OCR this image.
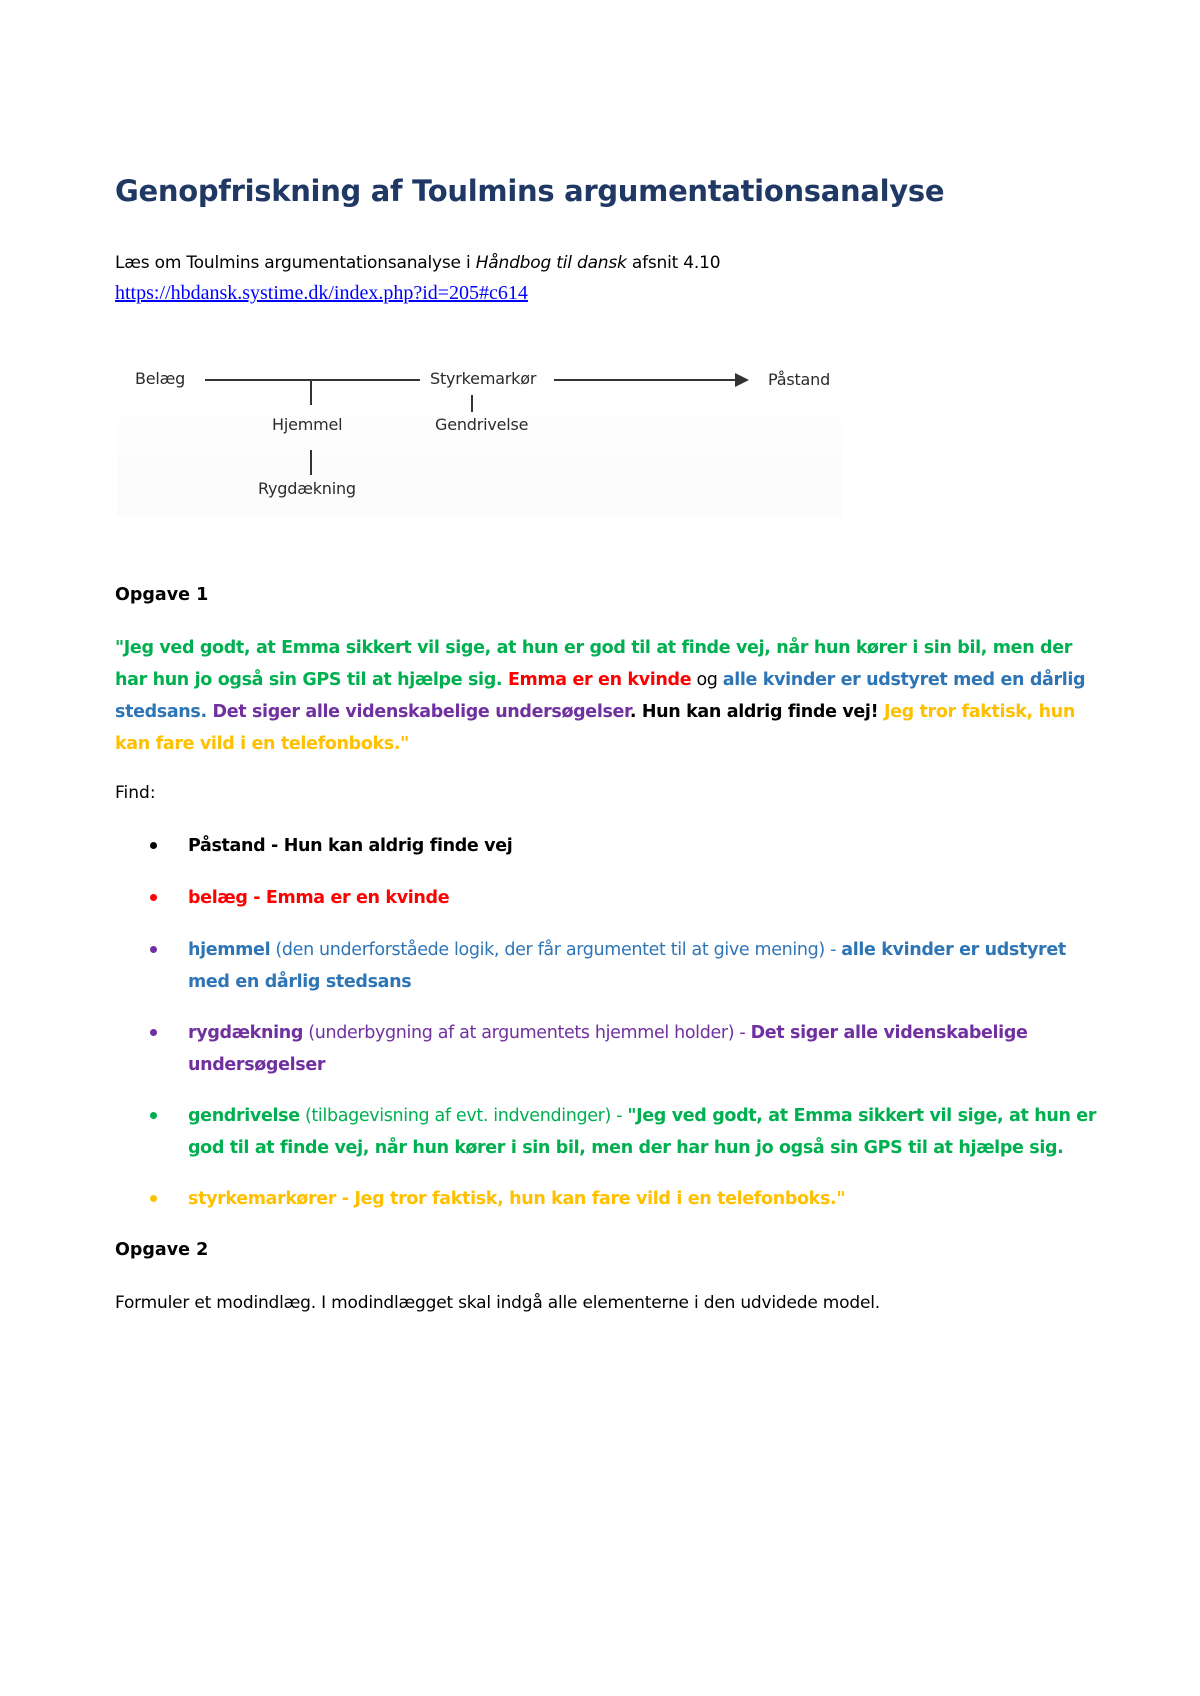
Genopfriskning af Toulmins argumentationsanalyse
Læs om Toulmins argumentationsanalyse i Håndbog til dansk afsnit 4.10
https://hbdansk.systime.dk/index.php?id=205#c614
Belæg	Styrkemarkør	Påstand
Hjemmel	Gendrivelse
Rygdækning
Opgave 1
"Jeg ved godt, at Emma sikkert vil sige, at hun er god til at finde vej, når hun kører i sin bil, men der har hun jo også sin GPS til at hjælpe sig. Emma er en kvinde og alle kvinder er udstyret med en dårlig stedsans. Det siger alle videnskabelige undersøgelser. Hun kan aldrig finde vej! Jeg tror faktisk, hun kan fare vild i en telefonboks."
Find:
Påstand - Hun kan aldrig finde vej
belæg - Emma er en kvinde
hjemmel (den underforståede logik, der får argumentet til at give mening) - alle kvinder er udstyret med en dårlig stedsans
rygdækning (underbygning af at argumentets hjemmel holder) - Det siger alle videnskabelige undersøgelser
gendrivelse (tilbagevisning af evt. indvendinger) - "Jeg ved godt, at Emma sikkert vil sige, at hun er god til at finde vej, når hun kører i sin bil, men der har hun jo også sin GPS til at hjælpe sig.
styrkemarkører - Jeg tror faktisk, hun kan fare vild i en telefonboks."
Opgave 2
Formuler et modindlæg. I modindlægget skal indgå alle elementerne i den udvidede model.
